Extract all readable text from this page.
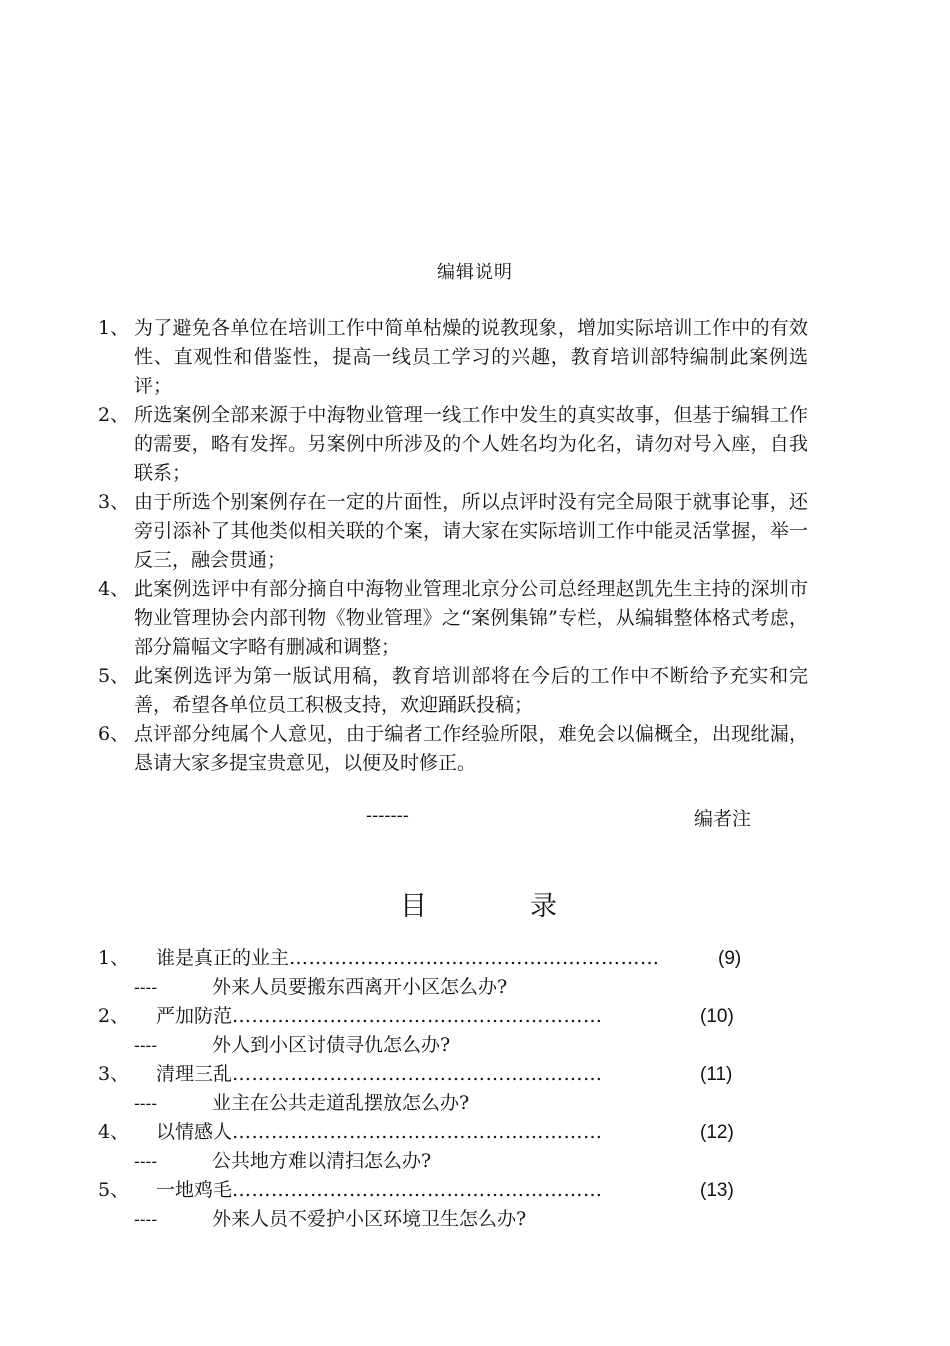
编辑说明
1、 为了避免各单位在培训工作中简单枯燥的说教现象，增加实际培训工作中的有效性、直观性和借鉴性，提高一线员工学习的兴趣，教育培训部特编制此案例选评；
2、 所选案例全部来源于中海物业管理一线工作中发生的真实故事，但基于编辑工作的需要，略有发挥。另案例中所涉及的个人姓名均为化名，请勿对号入座，自我联系；
3、 由于所选个别案例存在一定的片面性，所以点评时没有完全局限于就事论事，还旁引添补了其他类似相关联的个案，请大家在实际培训工作中能灵活掌握，举一反三，融会贯通；
4、 此案例选评中有部分摘自中海物业管理北京分公司总经理赵凯先生主持的深圳市物业管理协会内部刊物《物业管理》之“案例集锦”专栏，从编辑整体格式考虑，部分篇幅文字略有删减和调整；
5、 此案例选评为第一版试用稿，教育培训部将在今后的工作中不断给予充实和完善，希望各单位员工积极支持，欢迎踊跃投稿；
6、 点评部分纯属个人意见，由于编者工作经验所限，难免会以偏概全，出现纰漏，恳请大家多提宝贵意见，以便及时修正。
-------	编者注
目	录
1、 谁是真正的业主…………………………………………………	(9)
----	外来人员要搬东西离开小区怎么办?
2、 严加防范…………………………………………………	(10)
----	外人到小区讨债寻仇怎么办?
3、 清理三乱…………………………………………………	(11)
----	业主在公共走道乱摆放怎么办?
4、 以情感人…………………………………………………	(12)
----	公共地方难以清扫怎么办?
5、 一地鸡毛…………………………………………………	(13)
----	外来人员不爱护小区环境卫生怎么办?
